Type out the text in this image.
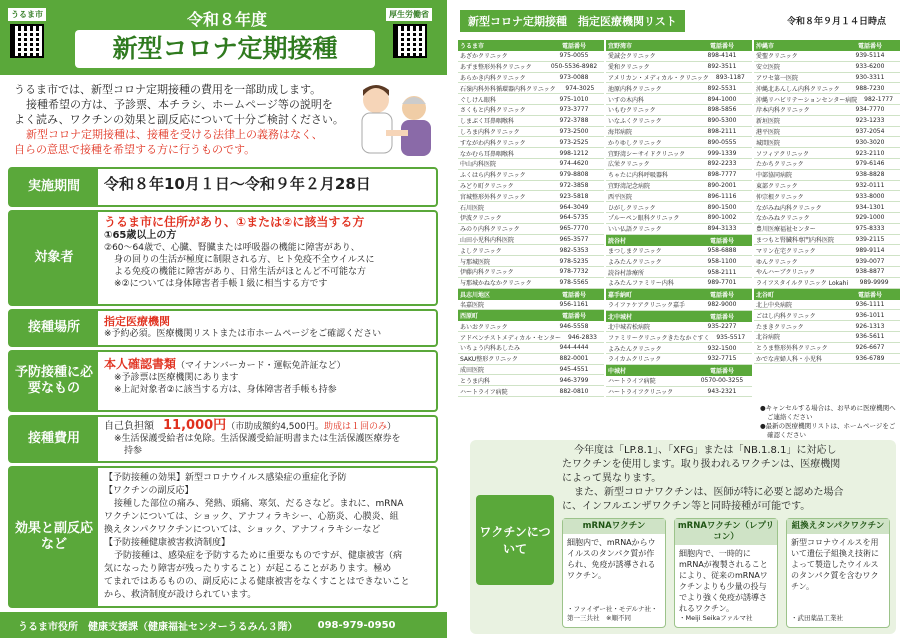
うるま市	厚生労働省
令和８年度
新型コロナ定期接種
うるま市では、新型コロナ定期接種の費用を一部助成します。
接種希望の方は、予診票、本チラシ、ホームページ等の説明を
よく読み、ワクチンの効果と副反応について十分ご検討ください。
新型コロナ定期接種は、接種を受ける法律上の義務はなく、
自らの意思で接種を希望する方に行うものです。
実施期間	令和８年10月１日～令和９年２月28日
対象者
うるま市に住所があり、①または②に該当する方
①65歳以上の方
②60～64歳で、心臓、腎臓または呼吸器の機能に障害があり、
身の回りの生活が極度に制限される方、ヒト免疫不全ウイルスに
よる免疫の機能に障害があり、日常生活がほとんど不可能な方
※②については身体障害者手帳１級に相当する方です
接種場所	指定医療機関
※予約必須。医療機関リストまたは市ホームページをご確認ください
予防接種に必要なもの
本人確認書類（マイナンバーカード・運転免許証など）
※予診票は医療機関にあります
※上記対象者②に該当する方は、身体障害者手帳も持参
接種費用
自己負担額　 11,000円（市助成額約4,500円。助成は１回のみ）
※生活保護受給者は免除。生活保護受給証明書または生活保護医療券を
持参
効果と副反応など
【予防接種の効果】新型コロナウイルス感染症の重症化予防
【ワクチンの副反応】
接種した部位の痛み、発熱、頭痛、寒気、だるさなど。まれに、mRNA
ワクチンについては、ショック、アナフィラキシー、心筋炎、心膜炎、組
換えタンパクワクチンについては、ショック、アナフィラキシーなど
【予防接種健康被害救済制度】
予防接種は、感染症を予防するために重要なものですが、健康被害（病
気になったり障害が残ったりすること）が起こることがあります。極め
てまれではあるものの、副反応による健康被害をなくすことはできないこと
から、救済制度が設けられています。
うるま市役所　健康支援課（健康福祉センターうるみん３階） 098-979-0950
新型コロナ定期接種　指定医療機関リスト	令和８年９月１４日時点
うるま市	電話番号
あざかクリニック	975-0055
あずま整形外科クリニック	050-5536-8982
あらかき内科クリニック	973-0088
石嶺内科外科循環器内科クリニック	974-3025
ぐしけん眼科	975-1010
さくもと内科クリニック	973-3777
しまぶく耳鼻咽喉科	972-3788
しろま内科クリニック	973-2500
すながわ内科クリニック	973-2525
なかむら耳鼻咽喉科	998-1212
中山内科医院	974-4620
ふくはら内科クリニック	979-8808
みどり町クリニック	972-3858
宮城整形外科クリニック	923-5818
石川医院	964-3049
伊波クリニック	964-5735
みのり内科クリニック	965-7770
山田小児科内科医院	965-3577
よしクリニック	982-5353
与那城医院	978-5235
伊藤内科クリニック	978-7732
与那城かねなかクリニック	978-5565
具志川地区	電話番号
名嘉医院	956-1161
西原町	電話番号
あいおクリニック	946-5558
アドベンチストメディカル・センター	946-2833
いちょう内科あしたみ	944-4444
SAKU整形クリニック	882-0001
成田医院	945-4551
とうま内科	946-3799
ハートライフ病院	882-0810
宜野湾市	電話番号
愛誠会クリニック	898-4141
愛和クリニック	892-3511
アメリカン・メディカル・クリニック	893-1187
池原内科クリニック	892-5531
いすの木内科	894-1000
いもむクリニック	898-5856
いなふくクリニック	890-5300
海邦病院	898-2111
かりゆしクリニック	890-0555
宜野湾シーサイドクリニック	999-1339
広栄クリニック	892-2233
ちゃたに内科呼吸器科	898-7777
宜野湾記念病院	890-2001
西平医院	896-1116
ひがしクリニック	890-1500
プルーペン眼科クリニック	890-1002
いい仏語クリニック	894-3133
読谷村	電話番号
まつしまクリニック	958-6888
よみたんクリニック	958-1100
読谷村診療所	958-2111
よみたんファミリー内科	989-7701
嘉手納町	電話番号
ライファケアクリニック嘉手	982-9000
北中城村	電話番号
北中城若松病院	935-2277
ファミリークリニックきたなかぐすく	935-5517
よみたんクリニック	932-1500
ライカムクリニック	932-7715
中城村	電話番号
ハートライフ病院	0570-00-3255
ハートライフクリニック	943-2321
沖縄市	電話番号
愛聖クリニック	939-5114
安立医院	933-6200
アワセ第一医院	930-3311
沖縄北あんしん内科クリニック	988-7230
沖縄リハビリテーションセンター病院	982-1777
岸本内科クリニック	934-7770
新垣医院	923-1233
港平医院	937-2054
城間医院	930-3020
ソフィアクリニック	923-2110
たかちクリニック	979-6146
中部協同病院	938-8828
東部クリニック	932-0111
仲宗根クリニック	933-8000
ながみね内科クリニック	934-1301
なかみねクリニック	929-1000
豊川医療福祉センター	975-8333
まつもと腎臓科専門内科医院	939-2115
マリン在宅クリニック	989-9114
ゆんクリニック	939-0077
やんハーブクリニック	938-8877
ライフスタイルクリニック Lokahi	989-9999
北谷町	電話番号
北上中央病院	936-1111
ごはし内科クリニック	936-1011
たまきクリニック	926-1313
北谷病院	936-5611
とうま整形外科クリニック	926-6677
かでな産婦人科・小児科	936-6789
●キャンセルする場合は、お早めに医療機関へ
ご連絡ください
●最新の医療機関リストは、ホームページをご
確認ください
ワクチンについて
今年度は「LP.8.1」、「XFG」または「NB.1.8.1」に対応し
たワクチンを使用します。取り扱われるワクチンは、医療機関
によって異なります。
また、新型コロナワクチンは、医師が特に必要と認めた場合
に、インフルエンザワクチン等と同時接種が可能です。
mRNAワクチン
細胞内で、mRNAからウイルスのタンパク質が作られ、免疫が誘導されるワクチン。
・ファイザー社・モデルナ社・第一三共社　※順不同
mRNAワクチン（レプリコン）
細胞内で、一時的にmRNAが複製されることにより、従来のmRNAワクチンよりも少量の投与でより強く免疫が誘導されるワクチン。
・Meiji Seikaファルマ社
組換えタンパクワクチン
新型コロナウイルスを用いて遺伝子組換え技術によって製造したウイルスのタンパク質を含むワクチン。
・武田薬品工業社
